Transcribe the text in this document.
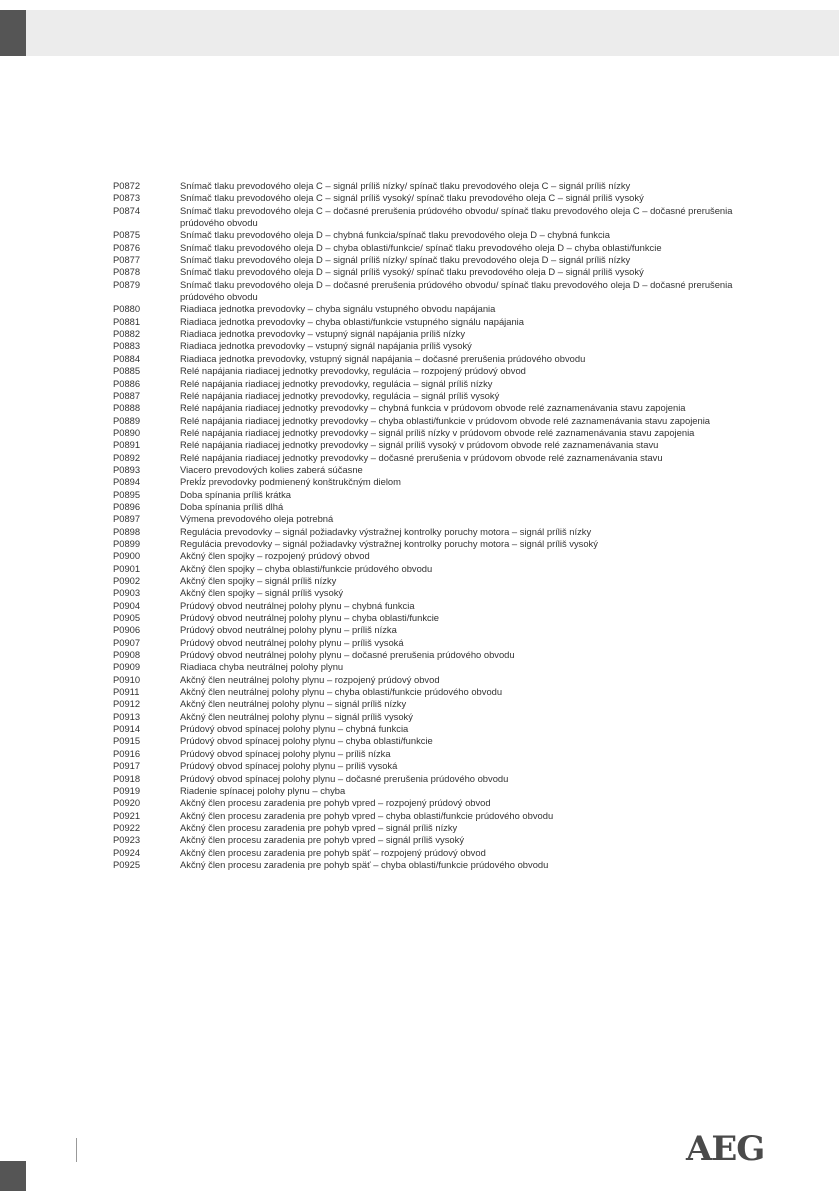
P0872	Snímač tlaku prevodového oleja C – signál príliš nízky/ spínač tlaku prevodového oleja C – signál príliš nízky
P0873	Snímač tlaku prevodového oleja C – signál príliš vysoký/ spínač tlaku prevodového oleja C – signál príliš vysoký
P0874	Snímač tlaku prevodového oleja C – dočasné prerušenia prúdového obvodu/ spínač tlaku prevodového oleja C – dočasné prerušenia prúdového obvodu
P0875	Snímač tlaku prevodového oleja D – chybná funkcia/spínač tlaku prevodového oleja D – chybná funkcia
P0876	Snímač tlaku prevodového oleja D – chyba oblasti/funkcie/ spínač tlaku prevodového oleja D – chyba oblasti/funkcie
P0877	Snímač tlaku prevodového oleja D – signál príliš nízky/ spínač tlaku prevodového oleja D – signál príliš nízky
P0878	Snímač tlaku prevodového oleja D – signál príliš vysoký/ spínač tlaku prevodového oleja D – signál príliš vysoký
P0879	Snímač tlaku prevodového oleja D – dočasné prerušenia prúdového obvodu/ spínač tlaku prevodového oleja D – dočasné prerušenia prúdového obvodu
P0880	Riadiaca jednotka prevodovky – chyba signálu vstupného obvodu napájania
P0881	Riadiaca jednotka prevodovky – chyba oblasti/funkcie vstupného signálu napájania
P0882	Riadiaca jednotka prevodovky – vstupný signál napájania príliš nízky
P0883	Riadiaca jednotka prevodovky – vstupný signál napájania príliš vysoký
P0884	Riadiaca jednotka prevodovky, vstupný signál napájania – dočasné prerušenia prúdového obvodu
P0885	Relé napájania riadiacej jednotky prevodovky, regulácia – rozpojený prúdový obvod
P0886	Relé napájania riadiacej jednotky prevodovky, regulácia – signál príliš nízky
P0887	Relé napájania riadiacej jednotky prevodovky, regulácia – signál príliš vysoký
P0888	Relé napájania riadiacej jednotky prevodovky – chybná funkcia v prúdovom obvode relé zaznamenávania stavu zapojenia
P0889	Relé napájania riadiacej jednotky prevodovky – chyba oblasti/funkcie v prúdovom obvode relé zaznamenávania stavu zapojenia
P0890	Relé napájania riadiacej jednotky prevodovky – signál príliš nízky v prúdovom obvode relé zaznamenávania stavu zapojenia
P0891	Relé napájania riadiacej jednotky prevodovky – signál príliš vysoký v prúdovom obvode relé zaznamenávania stavu
P0892	Relé napájania riadiacej jednotky prevodovky – dočasné prerušenia v prúdovom obvode relé zaznamenávania stavu
P0893	Viacero prevodových kolies zaberá súčasne
P0894	Prekĺz prevodovky podmienený konštrukčným dielom
P0895	Doba spínania príliš krátka
P0896	Doba spínania príliš dlhá
P0897	Výmena prevodového oleja potrebná
P0898	Regulácia prevodovky – signál požiadavky výstražnej kontrolky poruchy motora – signál príliš nízky
P0899	Regulácia prevodovky – signál požiadavky výstražnej kontrolky poruchy motora – signál príliš vysoký
P0900	Akčný člen spojky – rozpojený prúdový obvod
P0901	Akčný člen spojky – chyba oblasti/funkcie prúdového obvodu
P0902	Akčný člen spojky – signál príliš nízky
P0903	Akčný člen spojky – signál príliš vysoký
P0904	Prúdový obvod neutrálnej polohy plynu – chybná funkcia
P0905	Prúdový obvod neutrálnej polohy plynu – chyba oblasti/funkcie
P0906	Prúdový obvod neutrálnej polohy plynu – príliš nízka
P0907	Prúdový obvod neutrálnej polohy plynu – príliš vysoká
P0908	Prúdový obvod neutrálnej polohy plynu – dočasné prerušenia prúdového obvodu
P0909	Riadiaca chyba neutrálnej polohy plynu
P0910	Akčný člen neutrálnej polohy plynu – rozpojený prúdový obvod
P0911	Akčný člen neutrálnej polohy plynu – chyba oblasti/funkcie prúdového obvodu
P0912	Akčný člen neutrálnej polohy plynu – signál príliš nízky
P0913	Akčný člen neutrálnej polohy plynu – signál príliš vysoký
P0914	Prúdový obvod spínacej polohy plynu – chybná funkcia
P0915	Prúdový obvod spínacej polohy plynu – chyba oblasti/funkcie
P0916	Prúdový obvod spínacej polohy plynu – príliš nízka
P0917	Prúdový obvod spínacej polohy plynu – príliš vysoká
P0918	Prúdový obvod spínacej polohy plynu – dočasné prerušenia prúdového obvodu
P0919	Riadenie spínacej polohy plynu – chyba
P0920	Akčný člen procesu zaradenia pre pohyb vpred – rozpojený prúdový obvod
P0921	Akčný člen procesu zaradenia pre pohyb vpred – chyba oblasti/funkcie prúdového obvodu
P0922	Akčný člen procesu zaradenia pre pohyb vpred – signál príliš nízky
P0923	Akčný člen procesu zaradenia pre pohyb vpred – signál príliš vysoký
P0924	Akčný člen procesu zaradenia pre pohyb späť – rozpojený prúdový obvod
P0925	Akčný člen procesu zaradenia pre pohyb späť – chyba oblasti/funkcie prúdového obvodu
AEG
